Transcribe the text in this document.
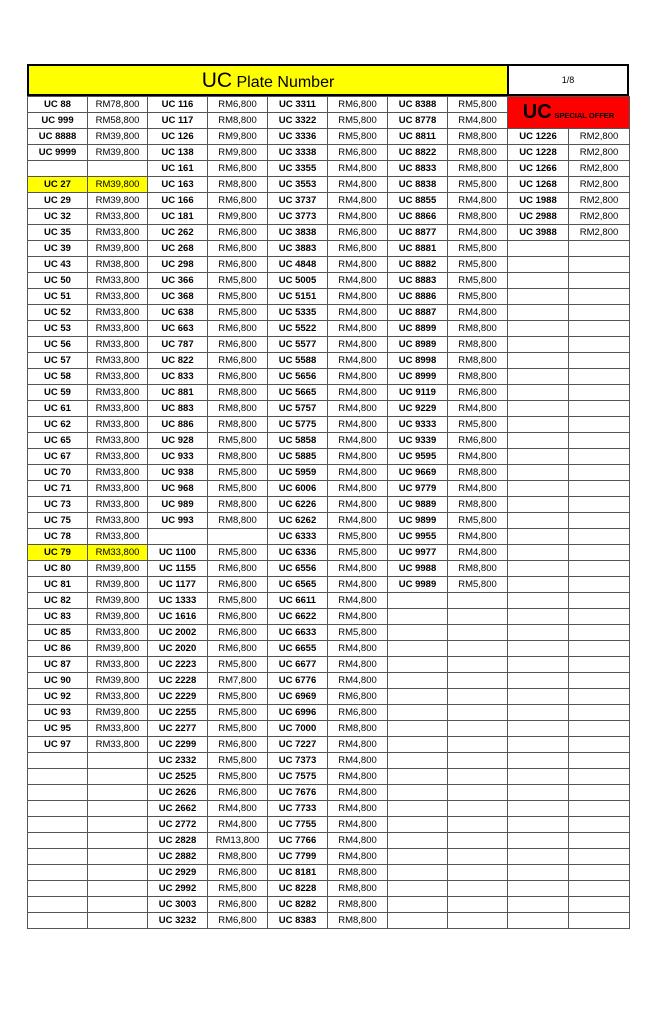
UC Plate Number	1/8
UC 88	RM78,800	UC 116	RM6,800	UC 3311	RM6,800	UC 8388	RM5,800	UC $^{SPECIAL OFFER}$
UC 999	RM58,800	UC 117	RM8,800	UC 3322	RM5,800	UC 8778	RM4,800		
UC 8888	RM39,800	UC 126	RM9,800	UC 3336	RM5,800	UC 8811	RM8,800	UC 1226	RM2,800
UC 9999	RM39,800	UC 138	RM9,800	UC 3338	RM6,800	UC 8822	RM8,800	UC 1228	RM2,800
		UC 161	RM6,800	UC 3355	RM4,800	UC 8833	RM8,800	UC 1266	RM2,800
UC 27	RM39,800	UC 163	RM8,800	UC 3553	RM4,800	UC 8838	RM5,800	UC 1268	RM2,800
UC 29	RM39,800	UC 166	RM6,800	UC 3737	RM4,800	UC 8855	RM4,800	UC 1988	RM2,800
UC 32	RM33,800	UC 181	RM9,800	UC 3773	RM4,800	UC 8866	RM8,800	UC 2988	RM2,800
UC 35	RM33,800	UC 262	RM6,800	UC 3838	RM6,800	UC 8877	RM4,800	UC 3988	RM2,800
UC 39	RM39,800	UC 268	RM6,800	UC 3883	RM6,800	UC 8881	RM5,800		
UC 43	RM38,800	UC 298	RM6,800	UC 4848	RM4,800	UC 8882	RM5,800		
UC 50	RM33,800	UC 366	RM5,800	UC 5005	RM4,800	UC 8883	RM5,800		
UC 51	RM33,800	UC 368	RM5,800	UC 5151	RM4,800	UC 8886	RM5,800		
UC 52	RM33,800	UC 638	RM5,800	UC 5335	RM4,800	UC 8887	RM4,800		
UC 53	RM33,800	UC 663	RM6,800	UC 5522	RM4,800	UC 8899	RM8,800		
UC 56	RM33,800	UC 787	RM6,800	UC 5577	RM4,800	UC 8989	RM8,800		
UC 57	RM33,800	UC 822	RM6,800	UC 5588	RM4,800	UC 8998	RM8,800		
UC 58	RM33,800	UC 833	RM6,800	UC 5656	RM4,800	UC 8999	RM8,800		
UC 59	RM33,800	UC 881	RM8,800	UC 5665	RM4,800	UC 9119	RM6,800		
UC 61	RM33,800	UC 883	RM8,800	UC 5757	RM4,800	UC 9229	RM4,800		
UC 62	RM33,800	UC 886	RM8,800	UC 5775	RM4,800	UC 9333	RM5,800		
UC 65	RM33,800	UC 928	RM5,800	UC 5858	RM4,800	UC 9339	RM6,800		
UC 67	RM33,800	UC 933	RM8,800	UC 5885	RM4,800	UC 9595	RM4,800		
UC 70	RM33,800	UC 938	RM5,800	UC 5959	RM4,800	UC 9669	RM8,800		
UC 71	RM33,800	UC 968	RM5,800	UC 6006	RM4,800	UC 9779	RM4,800		
UC 73	RM33,800	UC 989	RM8,800	UC 6226	RM4,800	UC 9889	RM8,800		
UC 75	RM33,800	UC 993	RM8,800	UC 6262	RM4,800	UC 9899	RM5,800		
UC 78	RM33,800			UC 6333	RM5,800	UC 9955	RM4,800		
UC 79	RM33,800	UC 1100	RM5,800	UC 6336	RM5,800	UC 9977	RM4,800		
UC 80	RM39,800	UC 1155	RM6,800	UC 6556	RM4,800	UC 9988	RM8,800		
UC 81	RM39,800	UC 1177	RM6,800	UC 6565	RM4,800	UC 9989	RM5,800		
UC 82	RM39,800	UC 1333	RM5,800	UC 6611	RM4,800				
UC 83	RM39,800	UC 1616	RM6,800	UC 6622	RM4,800				
UC 85	RM33,800	UC 2002	RM6,800	UC 6633	RM5,800				
UC 86	RM39,800	UC 2020	RM6,800	UC 6655	RM4,800				
UC 87	RM33,800	UC 2223	RM5,800	UC 6677	RM4,800				
UC 90	RM39,800	UC 2228	RM7,800	UC 6776	RM4,800				
UC 92	RM33,800	UC 2229	RM5,800	UC 6969	RM6,800				
UC 93	RM39,800	UC 2255	RM5,800	UC 6996	RM6,800				
UC 95	RM33,800	UC 2277	RM5,800	UC 7000	RM8,800				
UC 97	RM33,800	UC 2299	RM6,800	UC 7227	RM4,800				
		UC 2332	RM5,800	UC 7373	RM4,800				
		UC 2525	RM5,800	UC 7575	RM4,800				
		UC 2626	RM6,800	UC 7676	RM4,800				
		UC 2662	RM4,800	UC 7733	RM4,800				
		UC 2772	RM4,800	UC 7755	RM4,800				
		UC 2828	RM13,800	UC 7766	RM4,800				
		UC 2882	RM8,800	UC 7799	RM4,800				
		UC 2929	RM6,800	UC 8181	RM8,800				
		UC 2992	RM5,800	UC 8228	RM8,800				
		UC 3003	RM6,800	UC 8282	RM8,800				
		UC 3232	RM6,800	UC 8383	RM8,800				
